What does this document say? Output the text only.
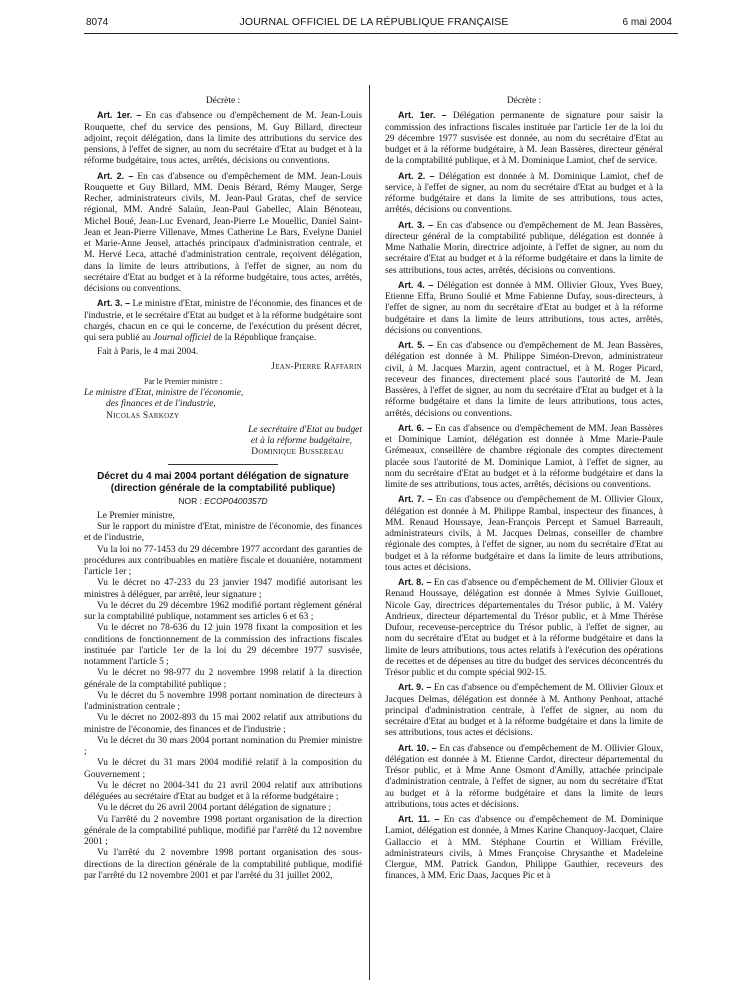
8074	JOURNAL OFFICIEL DE LA RÉPUBLIQUE FRANÇAISE	6 mai 2004

Décrète :

Art. 1er. – En cas d'absence ou d'empêchement de M. Jean-Louis Rouquette, chef du service des pensions, M. Guy Billard, directeur adjoint, reçoit délégation, dans la limite des attributions du service des pensions, à l'effet de signer, au nom du secrétaire d'Etat au budget et à la réforme budgétaire, tous actes, arrêtés, décisions ou conventions.

Art. 2. – En cas d'absence ou d'empêchement de MM. Jean-Louis Rouquette et Guy Billard, MM. Denis Bérard, Rémy Mauger, Serge Recher, administrateurs civils, M. Jean-Paul Gratas, chef de service régional, MM. André Salaün, Jean-Paul Gabellec, Alain Bénoteau, Michel Boué, Jean-Luc Evenard, Jean-Pierre Le Mouellic, Daniel Saint-Jean et Jean-Pierre Villenave, Mmes Catherine Le Bars, Evelyne Daniel et Marie-Anne Jeusel, attachés principaux d'administration centrale, et M. Hervé Leca, attaché d'administration centrale, reçoivent délégation, dans la limite de leurs attributions, à l'effet de signer, au nom du secrétaire d'Etat au budget et à la réforme budgétaire, tous actes, arrêtés, décisions ou conventions.

Art. 3. – Le ministre d'Etat, ministre de l'économie, des finances et de l'industrie, et le secrétaire d'Etat au budget et à la réforme budgétaire sont chargés, chacun en ce qui le concerne, de l'exécution du présent décret, qui sera publié au Journal officiel de la République française.

Fait à Paris, le 4 mai 2004.

Jean-Pierre Raffarin

Par le Premier ministre :

Le ministre d'Etat, ministre de l'économie,

des finances et de l'industrie,

Nicolas Sarkozy

Le secrétaire d'Etat au budget

et à la réforme budgétaire,

Dominique Bussereau

Décret du 4 mai 2004 portant délégation de signature

(direction générale de la comptabilité publique)

NOR : ECOP0400357D

Le Premier ministre,

Sur le rapport du ministre d'Etat, ministre de l'économie, des finances et de l'industrie,

Vu la loi no 77-1453 du 29 décembre 1977 accordant des garanties de procédures aux contribuables en matière fiscale et douanière, notamment l'article 1er ;

Vu le décret no 47-233 du 23 janvier 1947 modifié autorisant les ministres à déléguer, par arrêté, leur signature ;

Vu le décret du 29 décembre 1962 modifié portant règlement général sur la comptabilité publique, notamment ses articles 6 et 63 ;

Vu le décret no 78-636 du 12 juin 1978 fixant la composition et les conditions de fonctionnement de la commission des infractions fiscales instituée par l'article 1er de la loi du 29 décembre 1977 susvisée, notamment l'article 5 ;

Vu le décret no 98-977 du 2 novembre 1998 relatif à la direction générale de la comptabilité publique ;

Vu le décret du 5 novembre 1998 portant nomination de directeurs à l'administration centrale ;

Vu le décret no 2002-893 du 15 mai 2002 relatif aux attributions du ministre de l'économie, des finances et de l'industrie ;

Vu le décret du 30 mars 2004 portant nomination du Premier ministre ;

Vu le décret du 31 mars 2004 modifié relatif à la composition du Gouvernement ;

Vu le décret no 2004-341 du 21 avril 2004 relatif aux attributions déléguées au secrétaire d'Etat au budget et à la réforme budgétaire ;

Vu le décret du 26 avril 2004 portant délégation de signature ;

Vu l'arrêté du 2 novembre 1998 portant organisation de la direction générale de la comptabilité publique, modifié par l'arrêté du 12 novembre 2001 ;

Vu l'arrêté du 2 novembre 1998 portant organisation des sous-directions de la direction générale de la comptabilité publique, modifié par l'arrêté du 12 novembre 2001 et par l'arrêté du 31 juillet 2002,

Décrète :

Art. 1er. – Délégation permanente de signature pour saisir la commission des infractions fiscales instituée par l'article 1er de la loi du 29 décembre 1977 susvisée est donnée, au nom du secrétaire d'Etat au budget et à la réforme budgétaire, à M. Jean Bassères, directeur général de la comptabilité publique, et à M. Dominique Lamiot, chef de service.

Art. 2. – Délégation est donnée à M. Dominique Lamiot, chef de service, à l'effet de signer, au nom du secrétaire d'Etat au budget et à la réforme budgétaire et dans la limite de ses attributions, tous actes, arrêtés, décisions ou conventions.

Art. 3. – En cas d'absence ou d'empêchement de M. Jean Bassères, directeur général de la comptabilité publique, délégation est donnée à Mme Nathalie Morin, directrice adjointe, à l'effet de signer, au nom du secrétaire d'Etat au budget et à la réforme budgétaire et dans la limite de ses attributions, tous actes, arrêtés, décisions ou conventions.

Art. 4. – Délégation est donnée à MM. Ollivier Gloux, Yves Buey, Etienne Effa, Bruno Soulié et Mme Fabienne Dufay, sous-directeurs, à l'effet de signer, au nom du secrétaire d'Etat au budget et à la réforme budgétaire et dans la limite de leurs attributions, tous actes, arrêtés, décisions ou conventions.

Art. 5. – En cas d'absence ou d'empêchement de M. Jean Bassères, délégation est donnée à M. Philippe Siméon-Drevon, administrateur civil, à M. Jacques Marzin, agent contractuel, et à M. Roger Picard, receveur des finances, directement placé sous l'autorité de M. Jean Bassères, à l'effet de signer, au nom du secrétaire d'Etat au budget et à la réforme budgétaire et dans la limite de leurs attributions, tous actes, arrêtés, décisions ou conventions.

Art. 6. – En cas d'absence ou d'empêchement de MM. Jean Bassères et Dominique Lamiot, délégation est donnée à Mme Marie-Paule Grémeaux, conseillère de chambre régionale des comptes directement placée sous l'autorité de M. Dominique Lamiot, à l'effet de signer, au nom du secrétaire d'Etat au budget et à la réforme budgétaire et dans la limite de ses attributions, tous actes, arrêtés, décisions ou conventions.

Art. 7. – En cas d'absence ou d'empêchement de M. Ollivier Gloux, délégation est donnée à M. Philippe Rambal, inspecteur des finances, à MM. Renaud Houssaye, Jean-François Percept et Samuel Barreault, administrateurs civils, à M. Jacques Delmas, conseiller de chambre régionale des comptes, à l'effet de signer, au nom du secrétaire d'Etat au budget et à la réforme budgétaire et dans la limite de leurs attributions, tous actes et décisions.

Art. 8. – En cas d'absence ou d'empêchement de M. Ollivier Gloux et Renaud Houssaye, délégation est donnée à Mmes Sylvie Guillouet, Nicole Gay, directrices départementales du Trésor public, à M. Valéry Andrieux, directeur départemental du Trésor public, et à Mme Thérèse Dufour, receveuse-perceptrice du Trésor public, à l'effet de signer, au nom du secrétaire d'Etat au budget et à la réforme budgétaire et dans la limite de leurs attributions, tous actes relatifs à l'exécution des opérations de recettes et de dépenses au titre du budget des services déconcentrés du Trésor public et du compte spécial 902-15.

Art. 9. – En cas d'absence ou d'empêchement de M. Ollivier Gloux et Jacques Delmas, délégation est donnée à M. Anthony Penhoat, attaché principal d'administration centrale, à l'effet de signer, au nom du secrétaire d'Etat au budget et à la réforme budgétaire et dans la limite de ses attributions, tous actes et décisions.

Art. 10. – En cas d'absence ou d'empêchement de M. Ollivier Gloux, délégation est donnée à M. Etienne Cardot, directeur départemental du Trésor public, et à Mme Anne Osmont d'Amilly, attachée principale d'administration centrale, à l'effet de signer, au nom du secrétaire d'Etat au budget et à la réforme budgétaire et dans la limite de leurs attributions, tous actes et décisions.

Art. 11. – En cas d'absence ou d'empêchement de M. Dominique Lamiot, délégation est donnée, à Mmes Karine Chanquoy-Jacquet, Claire Gallaccio et à MM. Stéphane Courtin et William Fréville, administrateurs civils, à Mmes Françoise Chrysanthe et Madeleine Clergue, MM. Patrick Gandon, Philippe Gauthier, receveurs des finances, à MM. Eric Daas, Jacques Pic et à
